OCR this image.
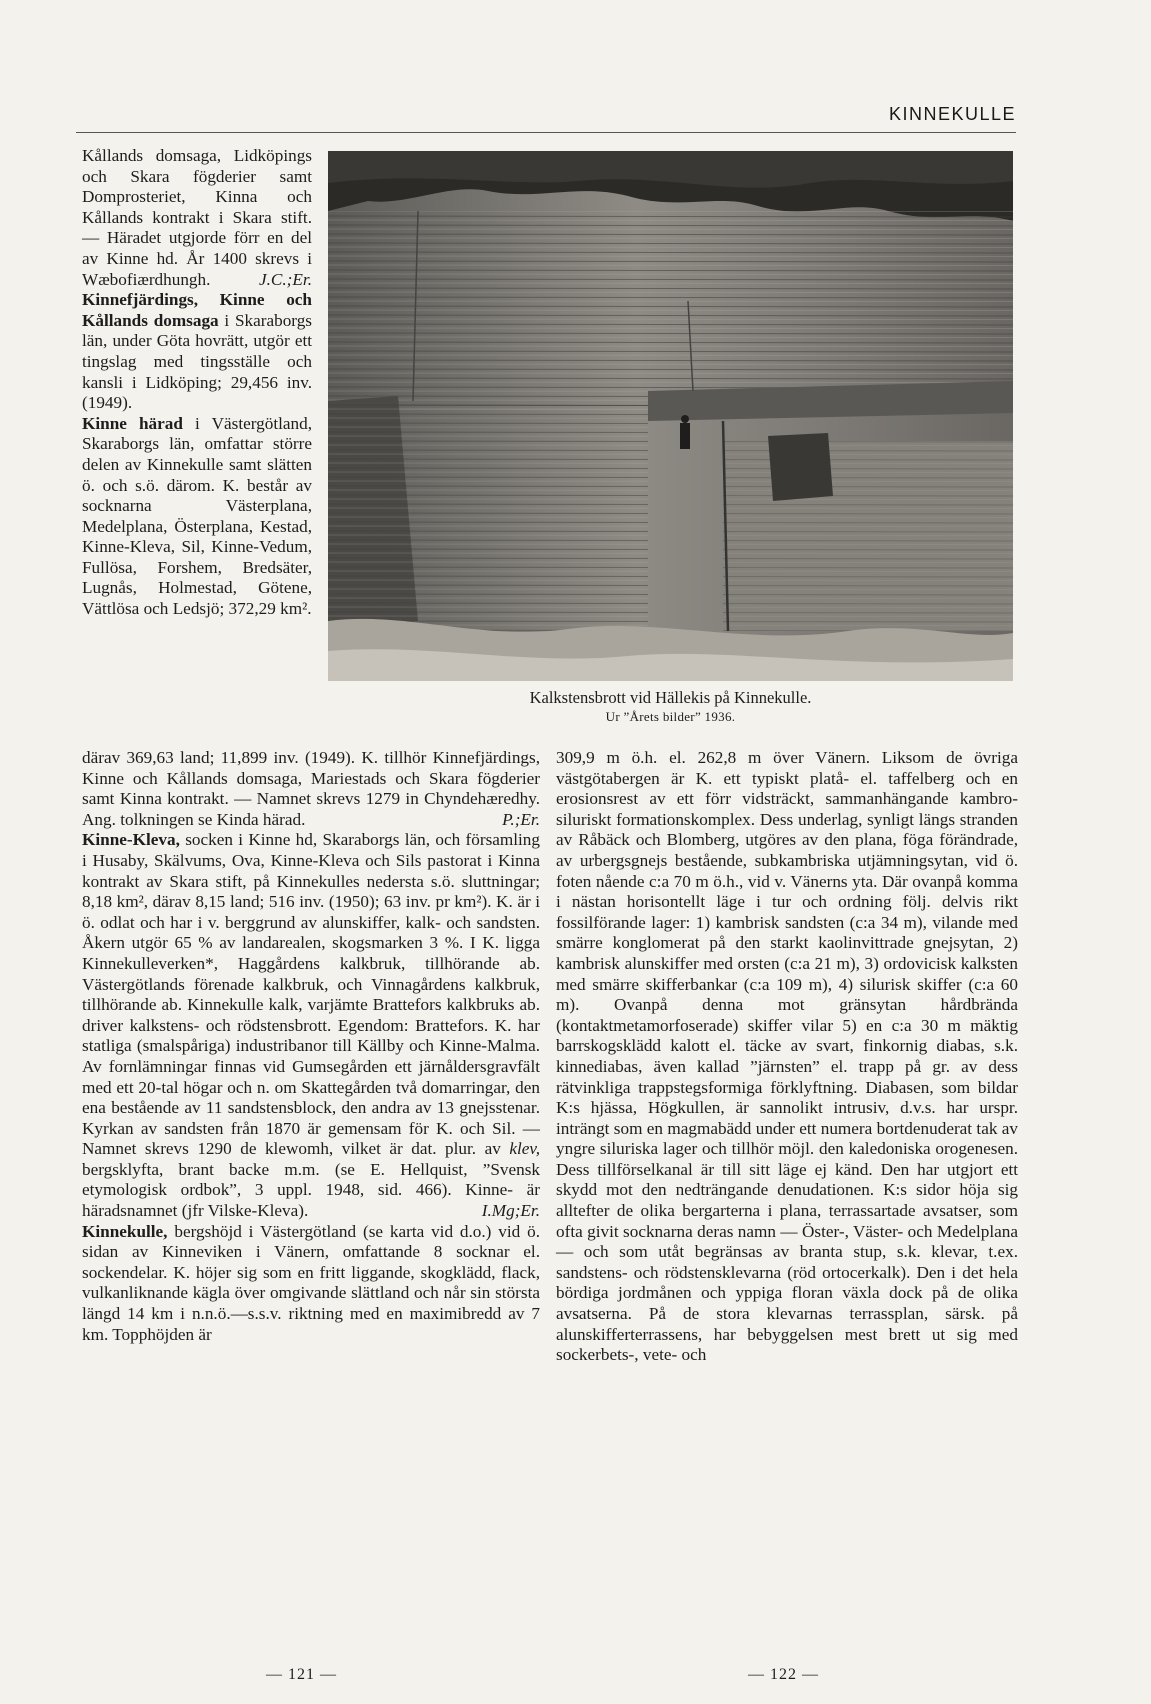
KINNEKULLE

Kållands domsaga, Lidköpings och Skara fögderier samt Domprosteriet, Kinna och Kållands kontrakt i Skara stift. — Häradet utgjorde förr en del av Kinne hd. År 1400 skrevs i Wæbofiærdhungh.	J.C.;Er.

Kinnefjärdings, Kinne och Kållands domsaga i Skaraborgs län, under Göta hovrätt, utgör ett tingslag med tingsställe och kansli i Lidköping; 29,456 inv. (1949).

Kinne härad i Västergötland, Skaraborgs län, omfattar större delen av Kinnekulle samt slätten ö. och s.ö. därom. K. består av socknarna Västerplana, Medelplana, Österplana, Kestad, Kinne-Kleva, Sil, Kinne-Vedum, Fullösa, Forshem, Bredsäter, Lugnås, Holmestad, Götene, Vättlösa och Ledsjö; 372,29 km².

Kalkstensbrott vid Hällekis på Kinnekulle.
Ur ”Årets bilder” 1936.

därav 369,63 land; 11,899 inv. (1949). K. tillhör Kinnefjärdings, Kinne och Kållands domsaga, Mariestads och Skara fögderier samt Kinna kontrakt. — Namnet skrevs 1279 in Chyndehæredhy. Ang. tolkningen se Kinda härad.	P.;Er.

Kinne-Kleva, socken i Kinne hd, Skaraborgs län, och församling i Husaby, Skälvums, Ova, Kinne-Kleva och Sils pastorat i Kinna kontrakt av Skara stift, på Kinnekulles nedersta s.ö. sluttningar; 8,18 km², därav 8,15 land; 516 inv. (1950); 63 inv. pr km²). K. är i ö. odlat och har i v. berggrund av alunskiffer, kalk- och sandsten. Åkern utgör 65 % av landarealen, skogsmarken 3 %. I K. ligga Kinnekulleverken*, Haggårdens kalkbruk, tillhörande ab. Västergötlands förenade kalkbruk, och Vinnagårdens kalkbruk, tillhörande ab. Kinnekulle kalk, varjämte Brattefors kalkbruks ab. driver kalkstens- och rödstensbrott. Egendom: Brattefors. K. har statliga (smalspåriga) industribanor till Källby och Kinne-Malma. Av fornlämningar finnas vid Gumsegården ett järnåldersgravfält med ett 20-tal högar och n. om Skattegården två domarringar, den ena bestående av 11 sandstensblock, den andra av 13 gnejsstenar. Kyrkan av sandsten från 1870 är gemensam för K. och Sil. — Namnet skrevs 1290 de klewomh, vilket är dat. plur. av klev, bergsklyfta, brant backe m.m. (se E. Hellquist, ”Svensk etymologisk ordbok”, 3 uppl. 1948, sid. 466). Kinne- är häradsnamnet (jfr Vilske-Kleva).	I.Mg;Er.

Kinnekulle, bergshöjd i Västergötland (se karta vid d.o.) vid ö. sidan av Kinneviken i Vänern, omfattande 8 socknar el. sockendelar. K. höjer sig som en fritt liggande, skogklädd, flack, vulkanliknande kägla över omgivande slättland och når sin största längd 14 km i n.n.ö.—s.s.v. riktning med en maximibredd av 7 km. Topphöjden är

309,9 m ö.h. el. 262,8 m över Vänern. Liksom de övriga västgötabergen är K. ett typiskt platå- el. taffelberg och en erosionsrest av ett förr vidsträckt, sammanhängande kambro-siluriskt formationskomplex. Dess underlag, synligt längs stranden av Råbäck och Blomberg, utgöres av den plana, föga förändrade, av urbergsgnejs bestående, subkambriska utjämningsytan, vid ö. foten nående c:a 70 m ö.h., vid v. Vänerns yta. Där ovanpå komma i nästan horisontellt läge i tur och ordning följ. delvis rikt fossilförande lager: 1) kambrisk sandsten (c:a 34 m), vilande med smärre konglomerat på den starkt kaolinvittrade gnejsytan, 2) kambrisk alunskiffer med orsten (c:a 21 m), 3) ordovicisk kalksten med smärre skifferbankar (c:a 109 m), 4) silurisk skiffer (c:a 60 m). Ovanpå denna mot gränsytan hårdbrända (kontaktmetamorfoserade) skiffer vilar 5) en c:a 30 m mäktig barrskogsklädd kalott el. täcke av svart, finkornig diabas, s.k. kinnediabas, även kallad ”järnsten” el. trapp på gr. av dess rätvinkliga trappstegsformiga förklyftning. Diabasen, som bildar K:s hjässa, Högkullen, är sannolikt intrusiv, d.v.s. har urspr. inträngt som en magmabädd under ett numera bortdenuderat tak av yngre siluriska lager och tillhör möjl. den kaledoniska orogenesen. Dess tillförselkanal är till sitt läge ej känd. Den har utgjort ett skydd mot den nedträngande denudationen. K:s sidor höja sig alltefter de olika bergarterna i plana, terrassartade avsatser, som ofta givit socknarna deras namn — Öster-, Väster- och Medelplana — och som utåt begränsas av branta stup, s.k. klevar, t.ex. sandstens- och rödstensklevarna (röd ortocerkalk). Den i det hela bördiga jordmånen och yppiga floran växla dock på de olika avsatserna. På de stora klevarnas terrassplan, särsk. på alunskifferterrassens, har bebyggelsen mest brett ut sig med sockerbets-, vete- och

— 121 —	— 122 —
